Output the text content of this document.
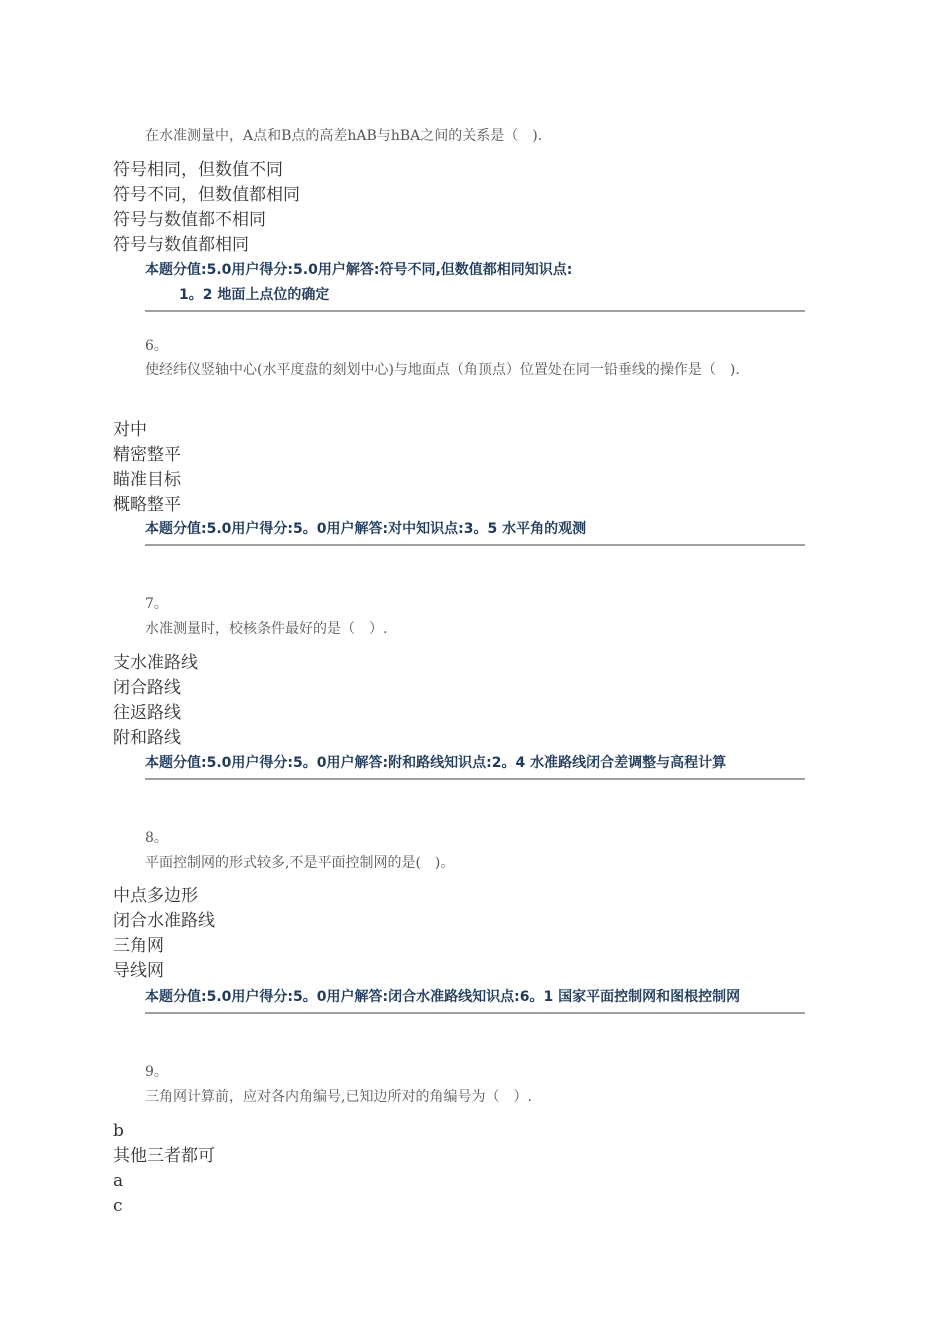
在水准测量中，A点和B点的高差hAB与hBA之间的关系是（　).
符号相同，但数值不同
符号不同，但数值都相同
符号与数值都不相同
符号与数值都相同
本题分值:5.0用户得分:5.0用户解答:符号不同,但数值都相同知识点:
1。2 地面上点位的确定
6。
使经纬仪竖轴中心(水平度盘的刻划中心)与地面点（角顶点）位置处在同一铅垂线的操作是（　).
对中
精密整平
瞄准目标
概略整平
本题分值:5.0用户得分:5。0用户解答:对中知识点:3。5 水平角的观测
7。
水准测量时，校核条件最好的是（　）.
支水准路线
闭合路线
往返路线
附和路线
本题分值:5.0用户得分:5。0用户解答:附和路线知识点:2。4 水准路线闭合差调整与高程计算
8。
平面控制网的形式较多,不是平面控制网的是(　)。
中点多边形
闭合水准路线
三角网
导线网
本题分值:5.0用户得分:5。0用户解答:闭合水准路线知识点:6。1 国家平面控制网和图根控制网
9。
三角网计算前，应对各内角编号,已知边所对的角编号为（　）.
b
其他三者都可
a
c
